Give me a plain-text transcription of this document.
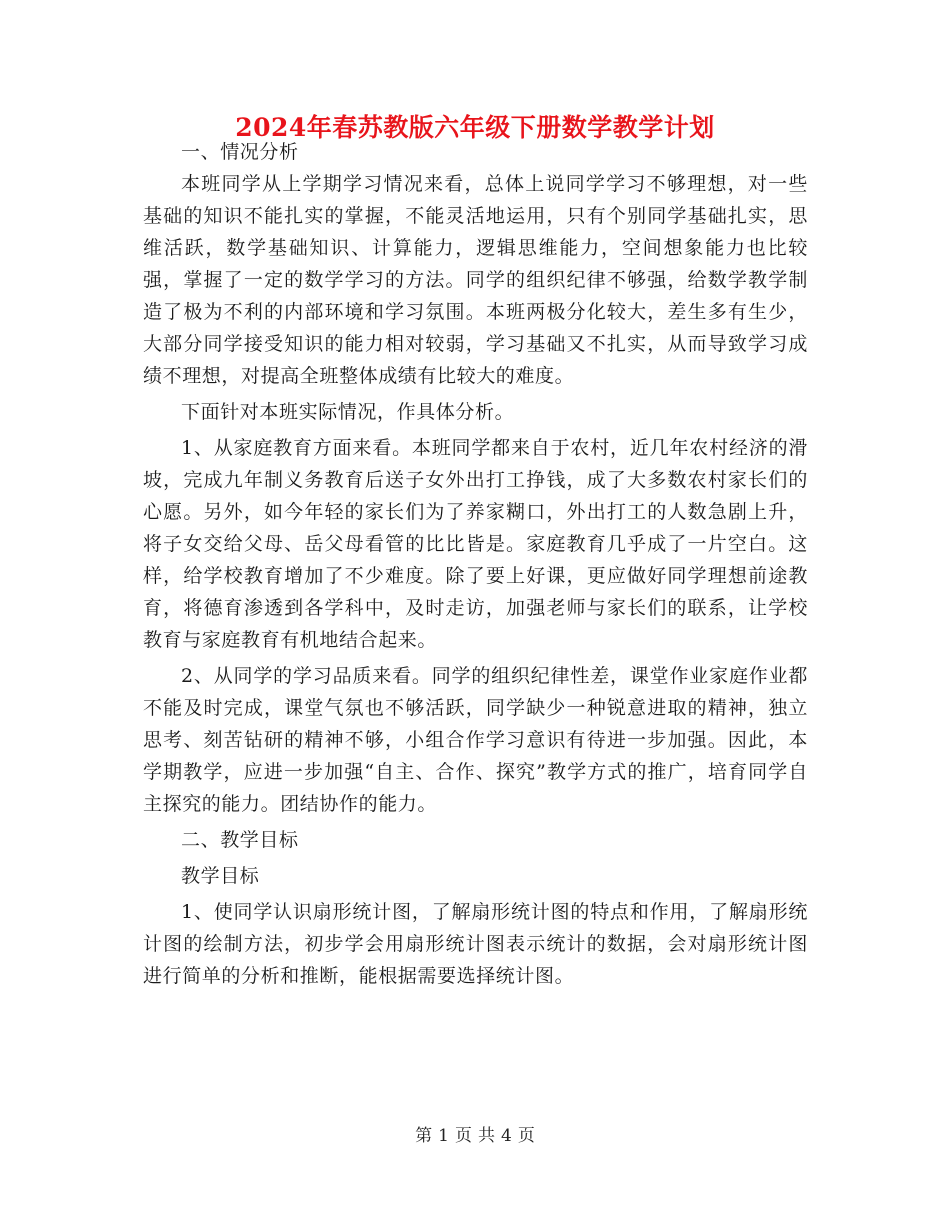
2024年春苏教版六年级下册数学教学计划

一、情况分析

本班同学从上学期学习情况来看，总体上说同学学习不够理想，对一些基础的知识不能扎实的掌握，不能灵活地运用，只有个别同学基础扎实，思维活跃，数学基础知识、计算能力，逻辑思维能力，空间想象能力也比较强，掌握了一定的数学学习的方法。同学的组织纪律不够强，给数学教学制造了极为不利的内部环境和学习氛围。本班两极分化较大，差生多有生少，大部分同学接受知识的能力相对较弱，学习基础又不扎实，从而导致学习成绩不理想，对提高全班整体成绩有比较大的难度。

下面针对本班实际情况，作具体分析。

1、从家庭教育方面来看。本班同学都来自于农村，近几年农村经济的滑坡，完成九年制义务教育后送子女外出打工挣钱，成了大多数农村家长们的心愿。另外，如今年轻的家长们为了养家糊口，外出打工的人数急剧上升，将子女交给父母、岳父母看管的比比皆是。家庭教育几乎成了一片空白。这样，给学校教育增加了不少难度。除了要上好课，更应做好同学理想前途教育，将德育渗透到各学科中，及时走访，加强老师与家长们的联系，让学校教育与家庭教育有机地结合起来。

2、从同学的学习品质来看。同学的组织纪律性差，课堂作业家庭作业都不能及时完成，课堂气氛也不够活跃，同学缺少一种锐意进取的精神，独立思考、刻苦钻研的精神不够，小组合作学习意识有待进一步加强。因此，本学期教学，应进一步加强“自主、合作、探究”教学方式的推广，培育同学自主探究的能力。团结协作的能力。

二、教学目标

教学目标

1、使同学认识扇形统计图，了解扇形统计图的特点和作用，了解扇形统计图的绘制方法，初步学会用扇形统计图表示统计的数据，会对扇形统计图进行简单的分析和推断，能根据需要选择统计图。

第 1 页 共 4 页
